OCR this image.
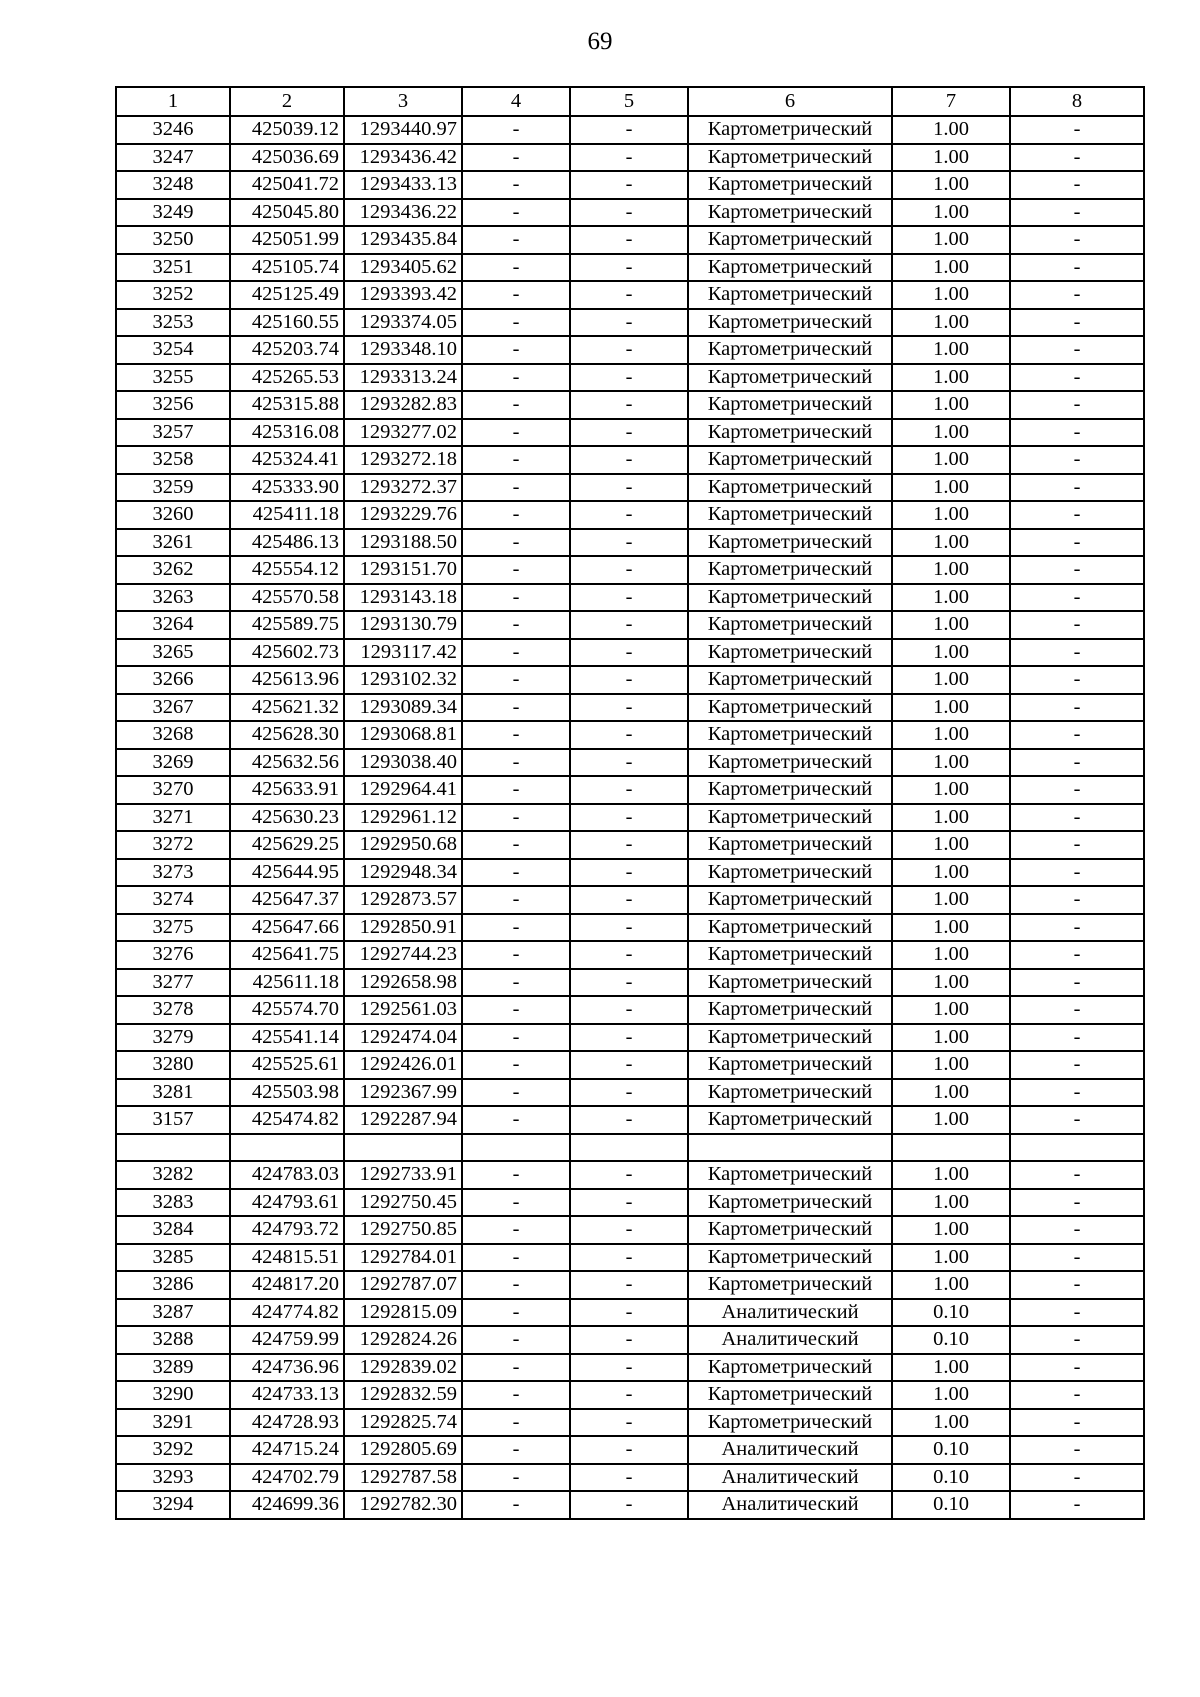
69
1	2	3	4	5	6	7	8
3246	425039.12	1293440.97	-	-	Картометрический	1.00	-
3247	425036.69	1293436.42	-	-	Картометрический	1.00	-
3248	425041.72	1293433.13	-	-	Картометрический	1.00	-
3249	425045.80	1293436.22	-	-	Картометрический	1.00	-
3250	425051.99	1293435.84	-	-	Картометрический	1.00	-
3251	425105.74	1293405.62	-	-	Картометрический	1.00	-
3252	425125.49	1293393.42	-	-	Картометрический	1.00	-
3253	425160.55	1293374.05	-	-	Картометрический	1.00	-
3254	425203.74	1293348.10	-	-	Картометрический	1.00	-
3255	425265.53	1293313.24	-	-	Картометрический	1.00	-
3256	425315.88	1293282.83	-	-	Картометрический	1.00	-
3257	425316.08	1293277.02	-	-	Картометрический	1.00	-
3258	425324.41	1293272.18	-	-	Картометрический	1.00	-
3259	425333.90	1293272.37	-	-	Картометрический	1.00	-
3260	425411.18	1293229.76	-	-	Картометрический	1.00	-
3261	425486.13	1293188.50	-	-	Картометрический	1.00	-
3262	425554.12	1293151.70	-	-	Картометрический	1.00	-
3263	425570.58	1293143.18	-	-	Картометрический	1.00	-
3264	425589.75	1293130.79	-	-	Картометрический	1.00	-
3265	425602.73	1293117.42	-	-	Картометрический	1.00	-
3266	425613.96	1293102.32	-	-	Картометрический	1.00	-
3267	425621.32	1293089.34	-	-	Картометрический	1.00	-
3268	425628.30	1293068.81	-	-	Картометрический	1.00	-
3269	425632.56	1293038.40	-	-	Картометрический	1.00	-
3270	425633.91	1292964.41	-	-	Картометрический	1.00	-
3271	425630.23	1292961.12	-	-	Картометрический	1.00	-
3272	425629.25	1292950.68	-	-	Картометрический	1.00	-
3273	425644.95	1292948.34	-	-	Картометрический	1.00	-
3274	425647.37	1292873.57	-	-	Картометрический	1.00	-
3275	425647.66	1292850.91	-	-	Картометрический	1.00	-
3276	425641.75	1292744.23	-	-	Картометрический	1.00	-
3277	425611.18	1292658.98	-	-	Картометрический	1.00	-
3278	425574.70	1292561.03	-	-	Картометрический	1.00	-
3279	425541.14	1292474.04	-	-	Картометрический	1.00	-
3280	425525.61	1292426.01	-	-	Картометрический	1.00	-
3281	425503.98	1292367.99	-	-	Картометрический	1.00	-
3157	425474.82	1292287.94	-	-	Картометрический	1.00	-

3282	424783.03	1292733.91	-	-	Картометрический	1.00	-
3283	424793.61	1292750.45	-	-	Картометрический	1.00	-
3284	424793.72	1292750.85	-	-	Картометрический	1.00	-
3285	424815.51	1292784.01	-	-	Картометрический	1.00	-
3286	424817.20	1292787.07	-	-	Картометрический	1.00	-
3287	424774.82	1292815.09	-	-	Аналитический	0.10	-
3288	424759.99	1292824.26	-	-	Аналитический	0.10	-
3289	424736.96	1292839.02	-	-	Картометрический	1.00	-
3290	424733.13	1292832.59	-	-	Картометрический	1.00	-
3291	424728.93	1292825.74	-	-	Картометрический	1.00	-
3292	424715.24	1292805.69	-	-	Аналитический	0.10	-
3293	424702.79	1292787.58	-	-	Аналитический	0.10	-
3294	424699.36	1292782.30	-	-	Аналитический	0.10	-
